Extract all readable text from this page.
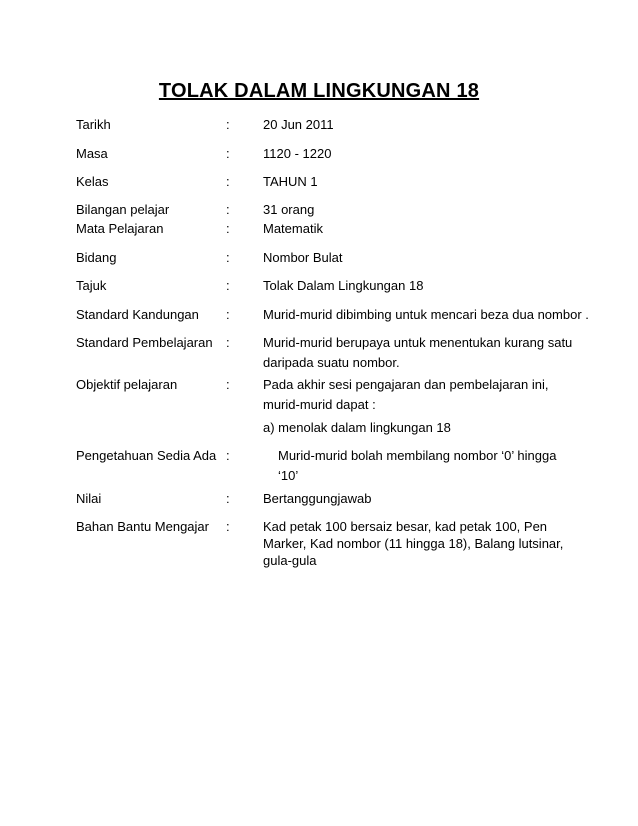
TOLAK DALAM LINGKUNGAN 18
Tarikh	:	20 Jun 2011
Masa	:	1120 - 1220
Kelas	:	TAHUN 1
Bilangan pelajar	:	31 orang
Mata Pelajaran	:	Matematik
Bidang	:	Nombor Bulat
Tajuk	:	Tolak Dalam Lingkungan 18
Standard Kandungan :	Murid-murid dibimbing untuk mencari beza dua nombor .
Standard Pembelajaran :	Murid-murid berupaya untuk menentukan kurang satu
daripada suatu nombor.
Objektif pelajaran	:	Pada akhir sesi pengajaran dan pembelajaran ini,
murid-murid dapat :
a) menolak dalam lingkungan 18
Pengetahuan Sedia Ada :	Murid-murid bolah membilang nombor ‘0’ hingga
‘10’
Nilai	:	Bertanggungjawab
Bahan Bantu Mengajar :	Kad petak 100 bersaiz besar, kad petak 100, Pen
Marker, Kad nombor (11 hingga 18), Balang lutsinar,
gula-gula
